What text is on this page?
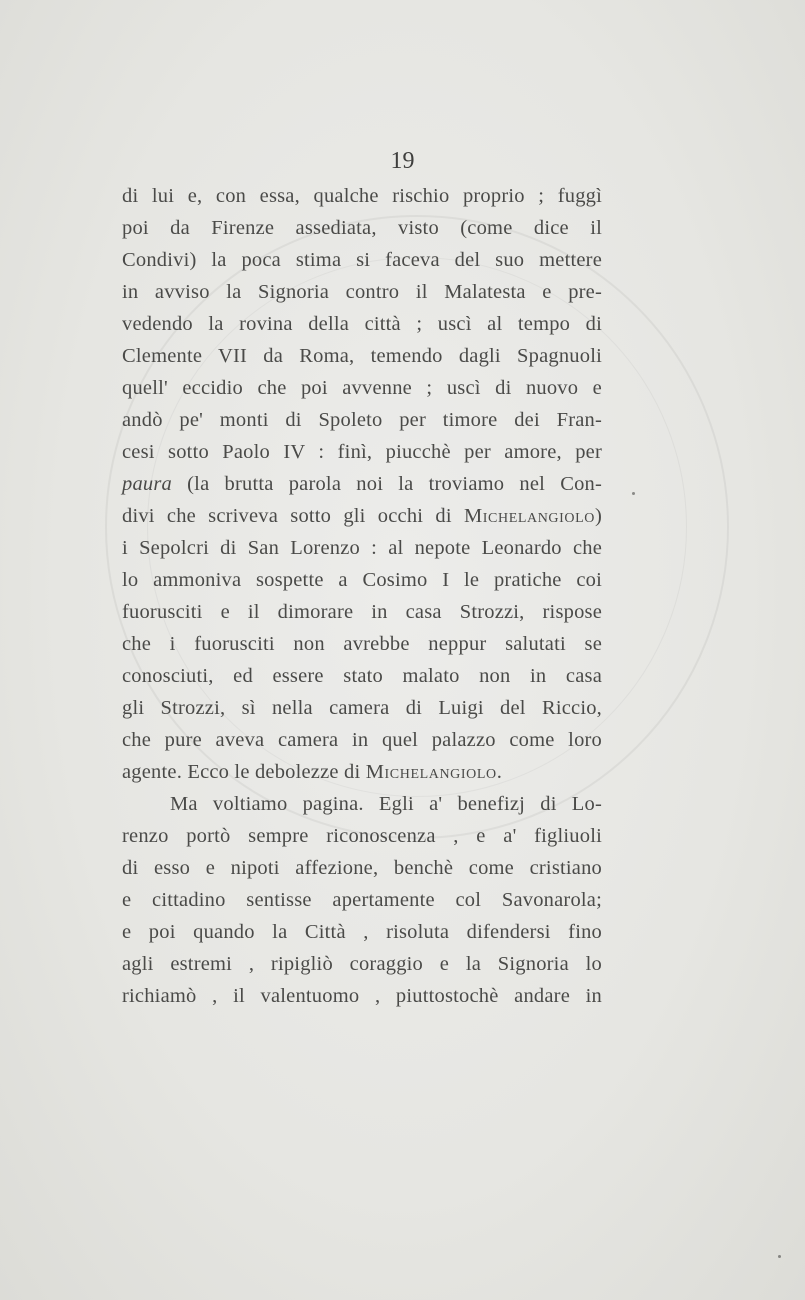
19

di lui e, con essa, qualche rischio proprio ; fuggì
poi da Firenze assediata, visto (come dice il
Condivi) la poca stima si faceva del suo mettere
in avviso la Signoria contro il Malatesta e pre-
vedendo la rovina della città ; uscì al tempo di
Clemente VII da Roma, temendo dagli Spagnuoli
quell' eccidio che poi avvenne ; uscì di nuovo e
andò pe' monti di Spoleto per timore dei Fran-
cesi sotto Paolo IV : finì, piucchè per amore, per
paura (la brutta parola noi la troviamo nel Con-
divi che scriveva sotto gli occhi di Michelangiolo)
i Sepolcri di San Lorenzo : al nepote Leonardo che
lo ammoniva sospette a Cosimo I le pratiche coi
fuorusciti e il dimorare in casa Strozzi, rispose
che i fuorusciti non avrebbe neppur salutati se
conosciuti, ed essere stato malato non in casa
gli Strozzi, sì nella camera di Luigi del Riccio,
che pure aveva camera in quel palazzo come loro
agente. Ecco le debolezze di Michelangiolo.
Ma voltiamo pagina. Egli a' benefizj di Lo-
renzo portò sempre riconoscenza , e a' figliuoli
di esso e nipoti affezione, benchè come cristiano
e cittadino sentisse apertamente col Savonarola;
e poi quando la Città , risoluta difendersi fino
agli estremi , ripigliò coraggio e la Signoria lo
richiamò , il valentuomo , piuttostochè andare in
